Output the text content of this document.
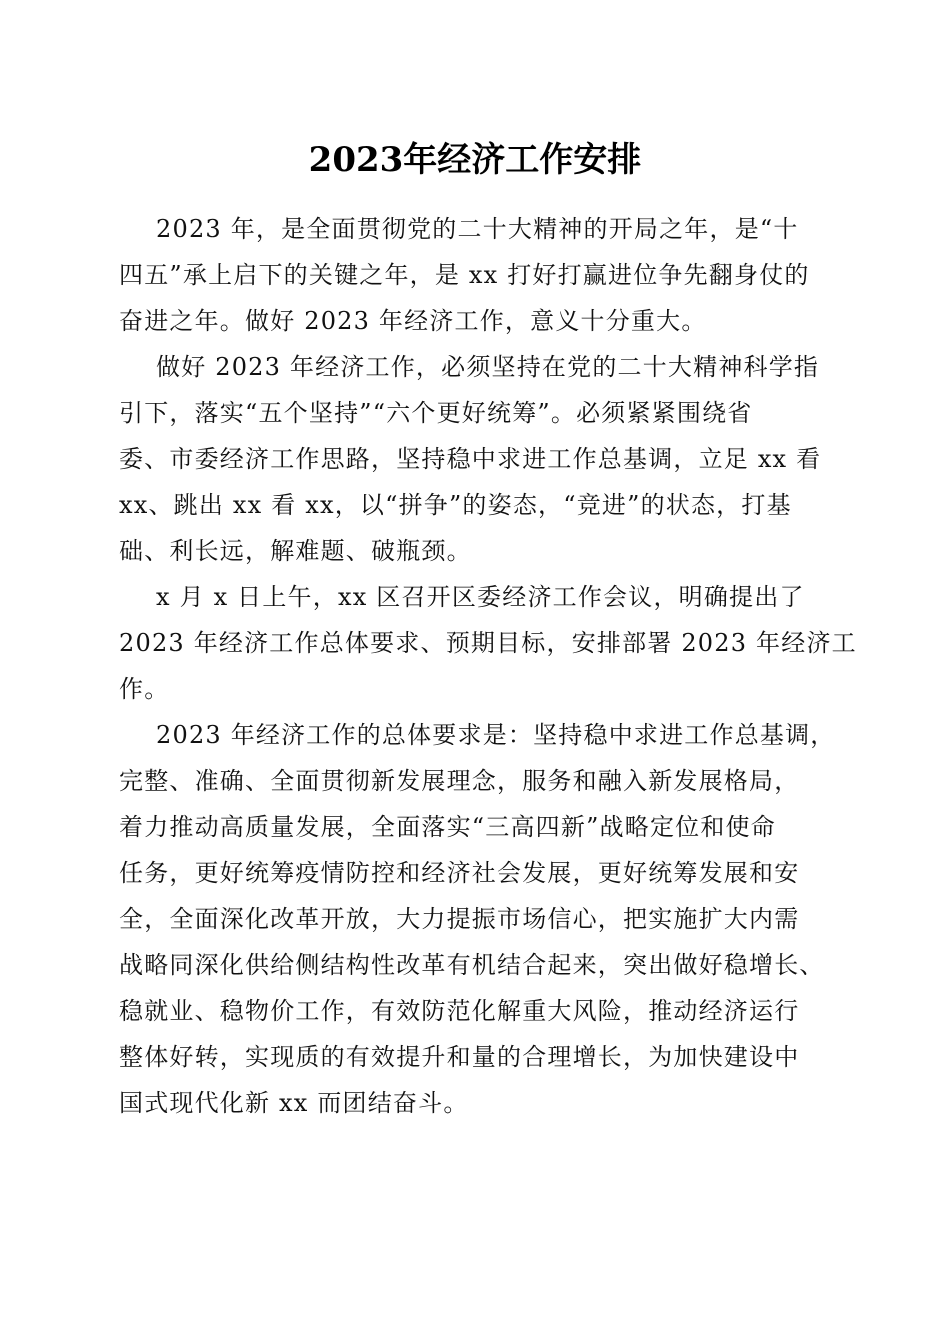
2023年经济工作安排
2023 年，是全面贯彻党的二十大精神的开局之年，是“十
四五”承上启下的关键之年，是 xx 打好打赢进位争先翻身仗的
奋进之年。做好 2023 年经济工作，意义十分重大。
做好 2023 年经济工作，必须坚持在党的二十大精神科学指
引下，落实“五个坚持”“六个更好统筹”。必须紧紧围绕省
委、市委经济工作思路，坚持稳中求进工作总基调，立足 xx 看
xx、跳出 xx 看 xx，以“拼争”的姿态，“竞进”的状态，打基
础、利长远，解难题、破瓶颈。
x 月 x 日上午，xx 区召开区委经济工作会议，明确提出了
2023 年经济工作总体要求、预期目标，安排部署 2023 年经济工
作。
2023 年经济工作的总体要求是：坚持稳中求进工作总基调，
完整、准确、全面贯彻新发展理念，服务和融入新发展格局，
着力推动高质量发展，全面落实“三高四新”战略定位和使命
任务，更好统筹疫情防控和经济社会发展，更好统筹发展和安
全，全面深化改革开放，大力提振市场信心，把实施扩大内需
战略同深化供给侧结构性改革有机结合起来，突出做好稳增长、
稳就业、稳物价工作，有效防范化解重大风险，推动经济运行
整体好转，实现质的有效提升和量的合理增长，为加快建设中
国式现代化新 xx 而团结奋斗。
